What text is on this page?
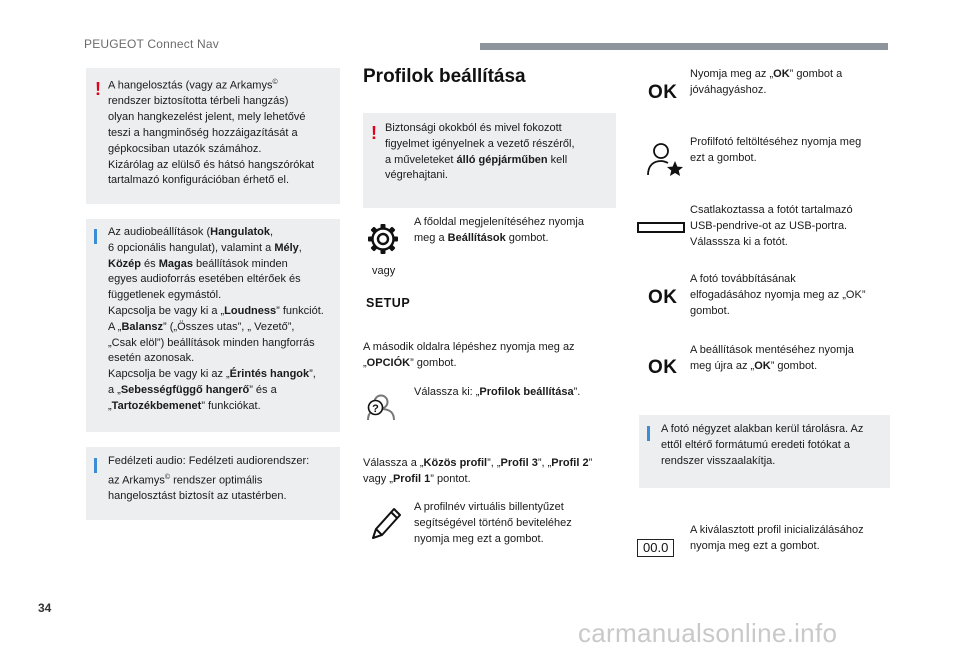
PEUGEOT Connect Nav
! A hangelosztás (vagy az Arkamys©
rendszer biztosította térbeli hangzás)
olyan hangkezelést jelent, mely lehetővé
teszi a hangminőség hozzáigazítását a
gépkocsiban utazók számához.
Kizárólag az elülső és hátsó hangszórókat
tartalmazó konfigurációban érhető el.
Az audiobeállítások (Hangulatok,
6 opcionális hangulat), valamint a Mély,
Közép és Magas beállítások minden
egyes audioforrás esetében eltérőek és
függetlenek egymástól.
Kapcsolja be vagy ki a „Loudness” funkciót.
A „Balansz” („Összes utas”, „ Vezető”,
„Csak elöl”) beállítások minden hangforrás
esetén azonosak.
Kapcsolja be vagy ki az „Érintés hangok”,
a „Sebességfüggő hangerő” és a
„Tartozékbemenet” funkciókat.
Fedélzeti audio: Fedélzeti audiorendszer:
az Arkamys© rendszer optimális
hangelosztást biztosít az utastérben.
Profilok beállítása
! Biztonsági okokból és mivel fokozott
figyelmet igényelnek a vezető részéről,
a műveleteket álló gépjárműben kell
végrehajtani.
A főoldal megjelenítéséhez nyomja
meg a Beállítások gombot.
vagy
SETUP
A második oldalra lépéshez nyomja meg az
„OPCIÓK” gombot.
?
Válassza ki: „Profilok beállítása”.
Válassza a „Közös profil”, „Profil 3”, „Profil 2”
vagy „Profil 1” pontot.
A profilnév virtuális billentyűzet
segítségével történő beviteléhez
nyomja meg ezt a gombot.
OK
Nyomja meg az „OK” gombot a
jóváhagyáshoz.
Profilfotó feltöltéséhez nyomja meg
ezt a gombot.
Csatlakoztassa a fotót tartalmazó
USB-pendrive-ot az USB-portra.
Válasssza ki a fotót.
OK
A fotó továbbításának
elfogadásához nyomja meg az „OK”
gombot.
OK
A beállítások mentéséhez nyomja
meg újra az „OK” gombot.
A fotó négyzet alakban kerül tárolásra. Az
ettől eltérő formátumú eredeti fotókat a
rendszer visszaalakítja.
00.0
A kiválasztott profil inicializálásához
nyomja meg ezt a gombot.
34
carmanualsonline.info
